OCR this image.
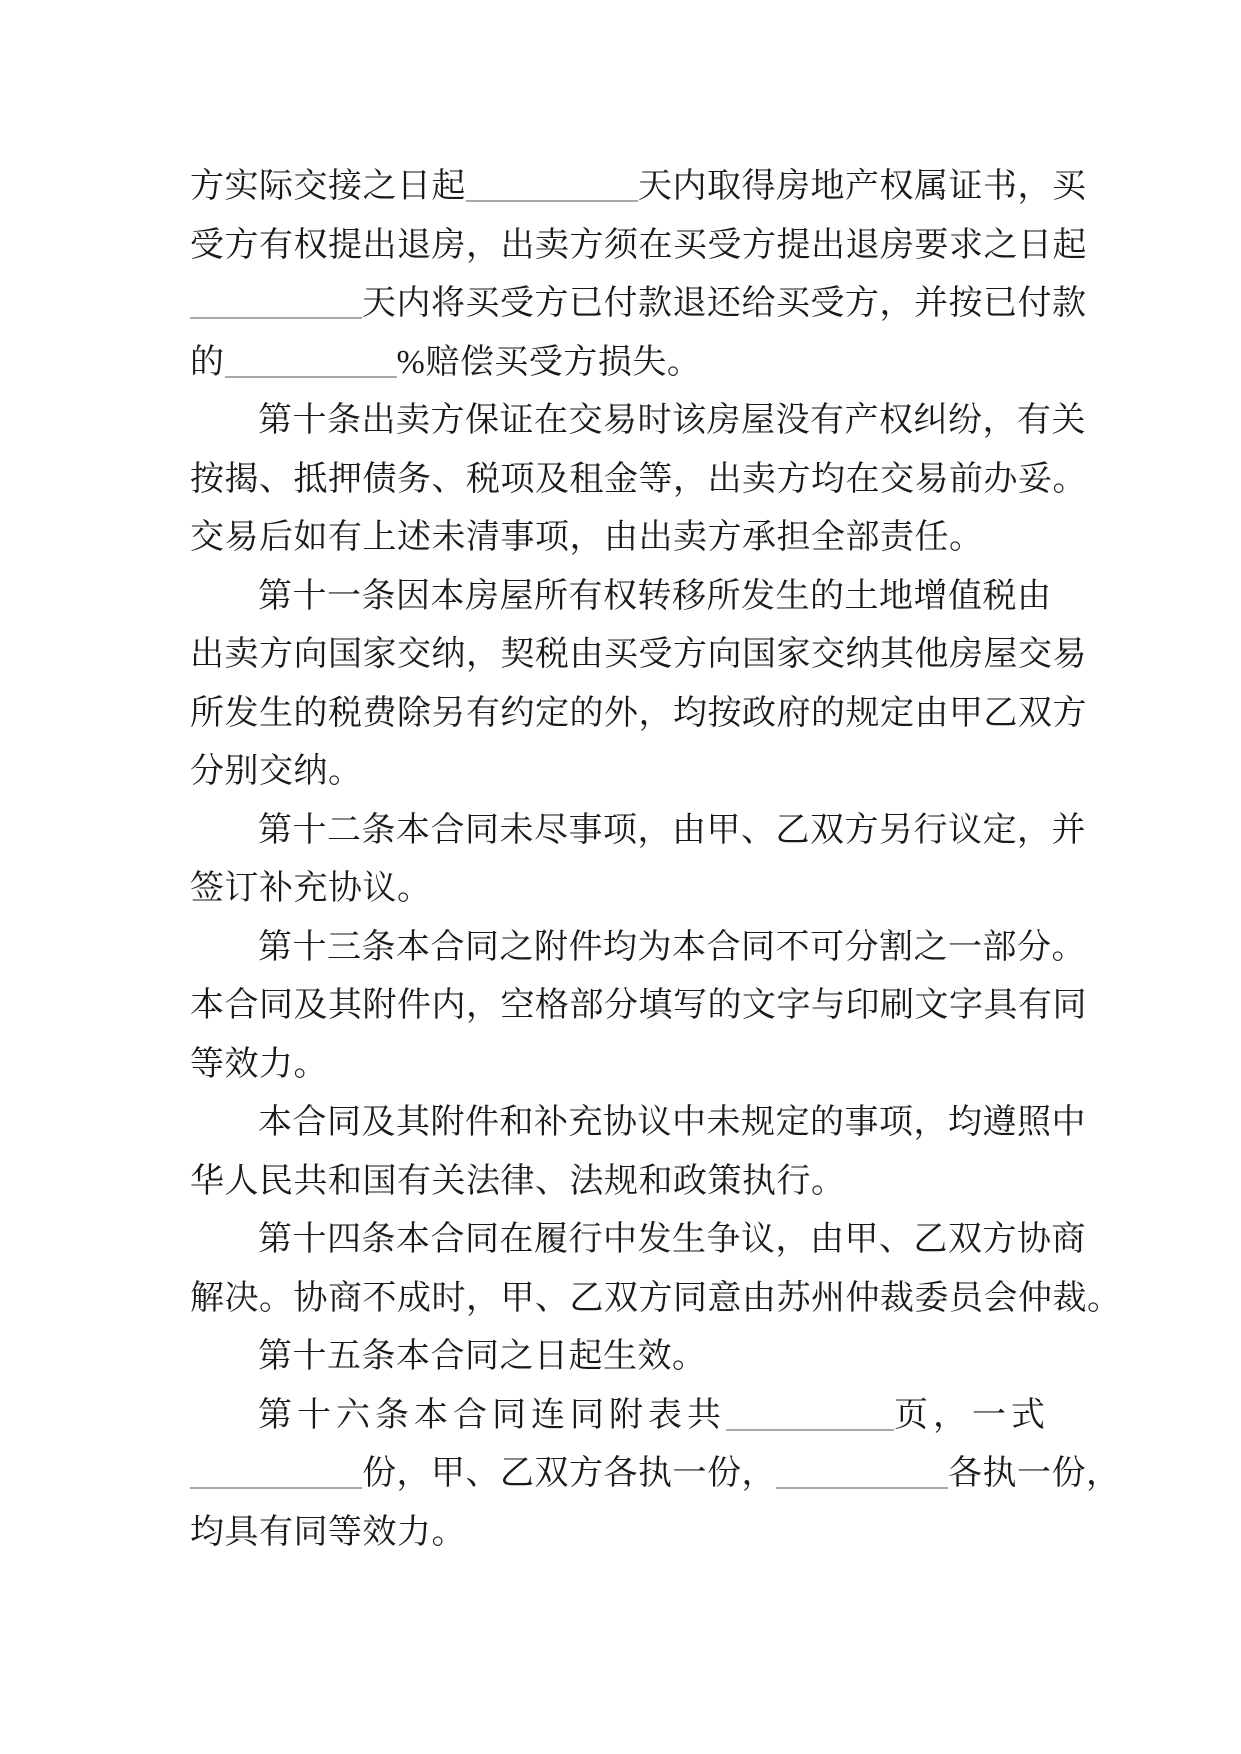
方实际交接之日起	天内取得房地产权属证书，买
受方有权提出退房，出卖方须在买受方提出退房要求之日起
天内将买受方已付款退还给买受方，并按已付款
的	%赔偿买受方损失。
第十条出卖方保证在交易时该房屋没有产权纠纷，有关
按揭、抵押债务、税项及租金等，出卖方均在交易前办妥。
交易后如有上述未清事项，由出卖方承担全部责任。
第十一条因本房屋所有权转移所发生的土地增值税由
出卖方向国家交纳，契税由买受方向国家交纳其他房屋交易
所发生的税费除另有约定的外，均按政府的规定由甲乙双方
分别交纳。
第十二条本合同未尽事项，由甲、乙双方另行议定，并
签订补充协议。
第十三条本合同之附件均为本合同不可分割之一部分。
本合同及其附件内，空格部分填写的文字与印刷文字具有同
等效力。
本合同及其附件和补充协议中未规定的事项，均遵照中
华人民共和国有关法律、法规和政策执行。
第十四条本合同在履行中发生争议，由甲、乙双方协商
解决。协商不成时，甲、乙双方同意由苏州仲裁委员会仲裁。
第十五条本合同之日起生效。
第十六条本合同连同附表共	页，一式
份，甲、乙双方各执一份，	各执一份，
均具有同等效力。
